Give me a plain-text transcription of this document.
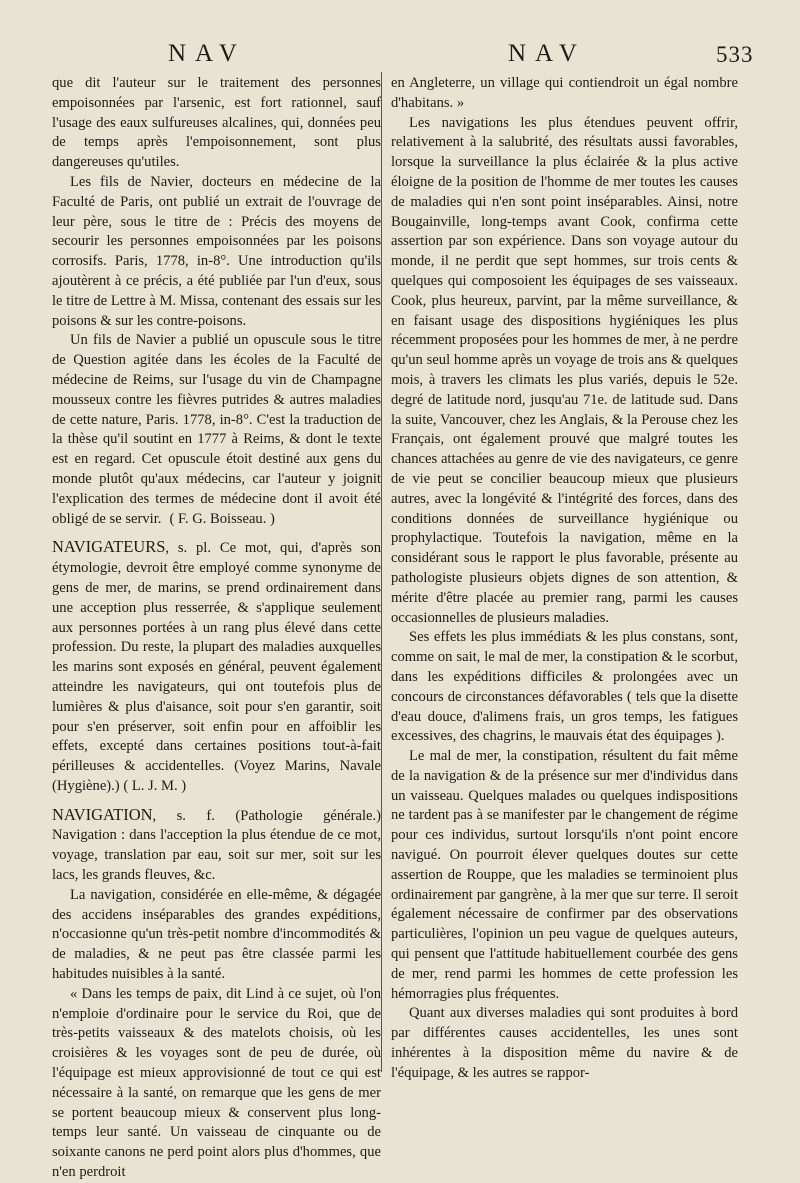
NAV	NAV	533

que dit l'auteur sur le traitement des personnes empoisonnées par l'arsenic, est fort rationnel, sauf l'usage des eaux sulfureuses alcalines, qui, données peu de temps après l'empoisonnement, sont plus dangereuses qu'utiles.

Les fils de Navier, docteurs en médecine de la Faculté de Paris, ont publié un extrait de l'ouvrage de leur père, sous le titre de : Précis des moyens de secourir les personnes empoisonnées par les poisons corrosifs. Paris, 1778, in-8°. Une introduction qu'ils ajoutèrent à ce précis, a été publiée par l'un d'eux, sous le titre de Lettre à M. Missa, contenant des essais sur les poisons & sur les contre-poisons.

Un fils de Navier a publié un opuscule sous le titre de Question agitée dans les écoles de la Faculté de médecine de Reims, sur l'usage du vin de Champagne mousseux contre les fièvres putrides & autres maladies de cette nature, Paris. 1778, in-8°. C'est la traduction de la thèse qu'il soutint en 1777 à Reims, & dont le texte est en regard. Cet opuscule étoit destiné aux gens du monde plutôt qu'aux médecins, car l'auteur y joignit l'explication des termes de médecine dont il avoit été obligé de se servir. ( F. G. Boisseau. )

NAVIGATEURS, s. pl. Ce mot, qui, d'après son étymologie, devroit être employé comme synonyme de gens de mer, de marins, se prend ordinairement dans une acception plus resserrée, & s'applique seulement aux personnes portées à un rang plus élevé dans cette profession. Du reste, la plupart des maladies auxquelles les marins sont exposés en général, peuvent également atteindre les navigateurs, qui ont toutefois plus de lumières & plus d'aisance, soit pour s'en garantir, soit pour s'en préserver, soit enfin pour en affoiblir les effets, excepté dans certaines positions tout-à-fait périlleuses & accidentelles. (Voyez Marins, Navale (Hygiène).) ( L. J. M. )

NAVIGATION, s. f. (Pathologie générale.) Navigation : dans l'acception la plus étendue de ce mot, voyage, translation par eau, soit sur mer, soit sur les lacs, les grands fleuves, &c.

La navigation, considérée en elle-même, & dégagée des accidens inséparables des grandes expéditions, n'occasionne qu'un très-petit nombre d'incommodités & de maladies, & ne peut pas être classée parmi les habitudes nuisibles à la santé.

« Dans les temps de paix, dit Lind à ce sujet, où l'on n'emploie d'ordinaire pour le service du Roi, que de très-petits vaisseaux & des matelots choisis, où les croisières & les voyages sont de peu de durée, où l'équipage est mieux approvisionné de tout ce qui est nécessaire à la santé, on remarque que les gens de mer se portent beaucoup mieux & conservent plus long-temps leur santé. Un vaisseau de cinquante ou de soixante canons ne perd point alors plus d'hommes, que n'en perdroit

en Angleterre, un village qui contiendroit un égal nombre d'habitans. »

Les navigations les plus étendues peuvent offrir, relativement à la salubrité, des résultats aussi favorables, lorsque la surveillance la plus éclairée & la plus active éloigne de la position de l'homme de mer toutes les causes de maladies qui n'en sont point inséparables. Ainsi, notre Bougainville, long-temps avant Cook, confirma cette assertion par son expérience. Dans son voyage autour du monde, il ne perdit que sept hommes, sur trois cents & quelques qui composoient les équipages de ses vaisseaux. Cook, plus heureux, parvint, par la même surveillance, & en faisant usage des dispositions hygiéniques les plus récemment proposées pour les hommes de mer, à ne perdre qu'un seul homme après un voyage de trois ans & quelques mois, à travers les climats les plus variés, depuis le 52e. degré de latitude nord, jusqu'au 71e. de latitude sud. Dans la suite, Vancouver, chez les Anglais, & la Perouse chez les Français, ont également prouvé que malgré toutes les chances attachées au genre de vie des navigateurs, ce genre de vie peut se concilier beaucoup mieux que plusieurs autres, avec la longévité & l'intégrité des forces, dans des conditions données de surveillance hygiénique ou prophylactique. Toutefois la navigation, même en la considérant sous le rapport le plus favorable, présente au pathologiste plusieurs objets dignes de son attention, & mérite d'être placée au premier rang, parmi les causes occasionnelles de plusieurs maladies.

Ses effets les plus immédiats & les plus constans, sont, comme on sait, le mal de mer, la constipation & le scorbut, dans les expéditions difficiles & prolongées avec un concours de circonstances défavorables ( tels que la disette d'eau douce, d'alimens frais, un gros temps, les fatigues excessives, des chagrins, le mauvais état des équipages ).

Le mal de mer, la constipation, résultent du fait même de la navigation & de la présence sur mer d'individus dans un vaisseau. Quelques malades ou quelques indispositions ne tardent pas à se manifester par le changement de régime pour ces individus, surtout lorsqu'ils n'ont point encore navigué. On pourroit élever quelques doutes sur cette assertion de Rouppe, que les maladies se terminoient plus ordinairement par gangrène, à la mer que sur terre. Il seroit également nécessaire de confirmer par des observations particulières, l'opinion un peu vague de quelques auteurs, qui pensent que l'attitude habituellement courbée des gens de mer, rend parmi les hommes de cette profession les hémorragies plus fréquentes.

Quant aux diverses maladies qui sont produites à bord par différentes causes accidentelles, les unes sont inhérentes à la disposition même du navire & de l'équipage, & les autres se rappor-
